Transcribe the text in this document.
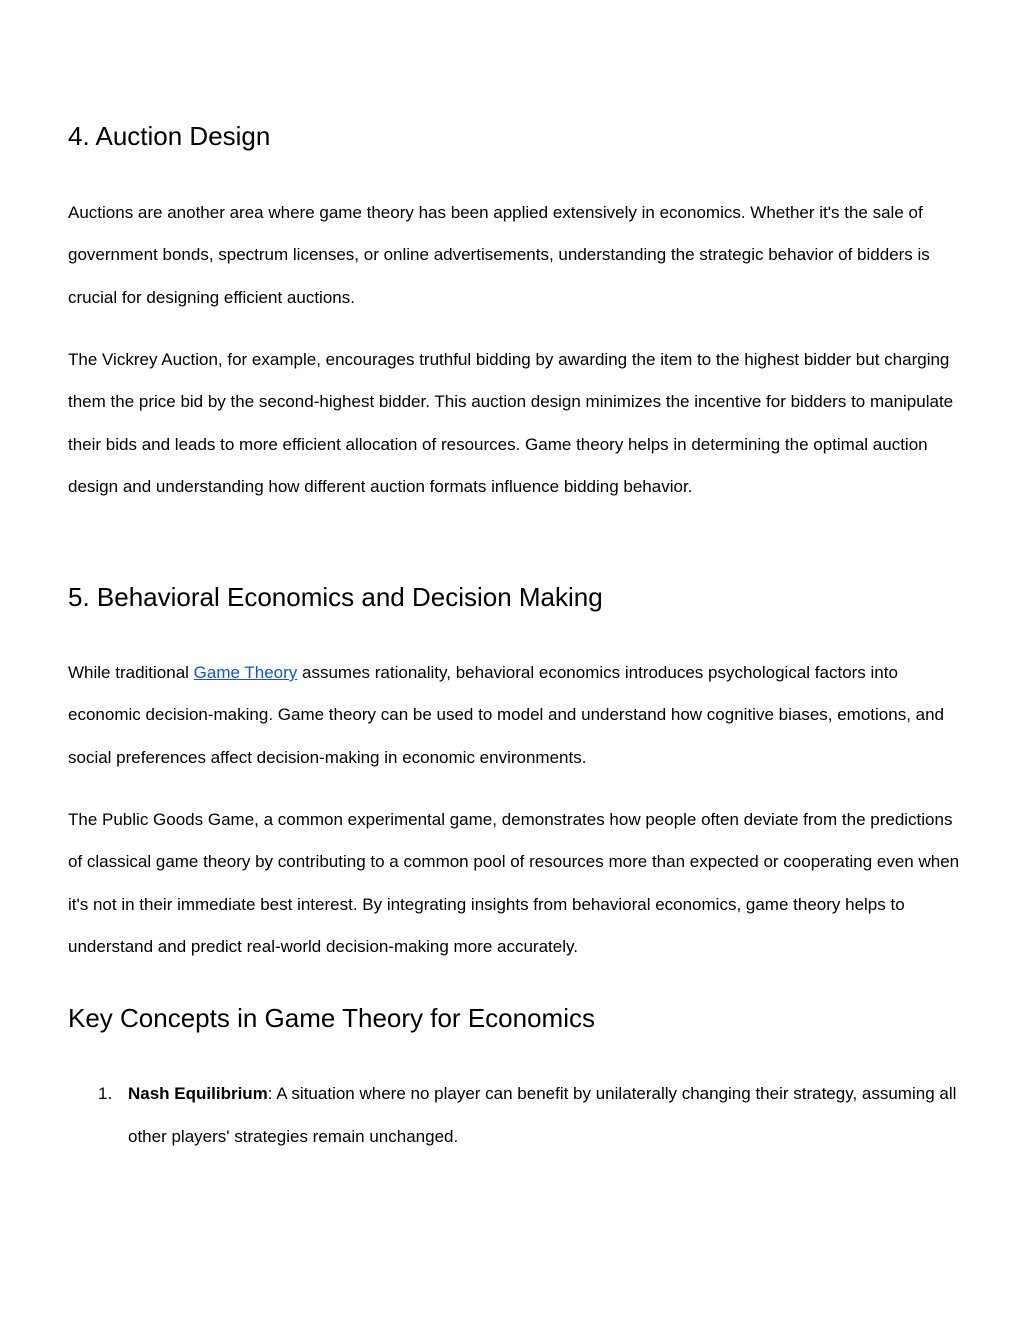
4. Auction Design

Auctions are another area where game theory has been applied extensively in economics. Whether it's the sale of government bonds, spectrum licenses, or online advertisements, understanding the strategic behavior of bidders is crucial for designing efficient auctions.

The Vickrey Auction, for example, encourages truthful bidding by awarding the item to the highest bidder but charging them the price bid by the second-highest bidder. This auction design minimizes the incentive for bidders to manipulate their bids and leads to more efficient allocation of resources. Game theory helps in determining the optimal auction design and understanding how different auction formats influence bidding behavior.

5. Behavioral Economics and Decision Making

While traditional Game Theory assumes rationality, behavioral economics introduces psychological factors into economic decision-making. Game theory can be used to model and understand how cognitive biases, emotions, and social preferences affect decision-making in economic environments.

The Public Goods Game, a common experimental game, demonstrates how people often deviate from the predictions of classical game theory by contributing to a common pool of resources more than expected or cooperating even when it's not in their immediate best interest. By integrating insights from behavioral economics, game theory helps to understand and predict real-world decision-making more accurately.

Key Concepts in Game Theory for Economics
1. Nash Equilibrium: A situation where no player can benefit by unilaterally changing their strategy, assuming all other players' strategies remain unchanged.
